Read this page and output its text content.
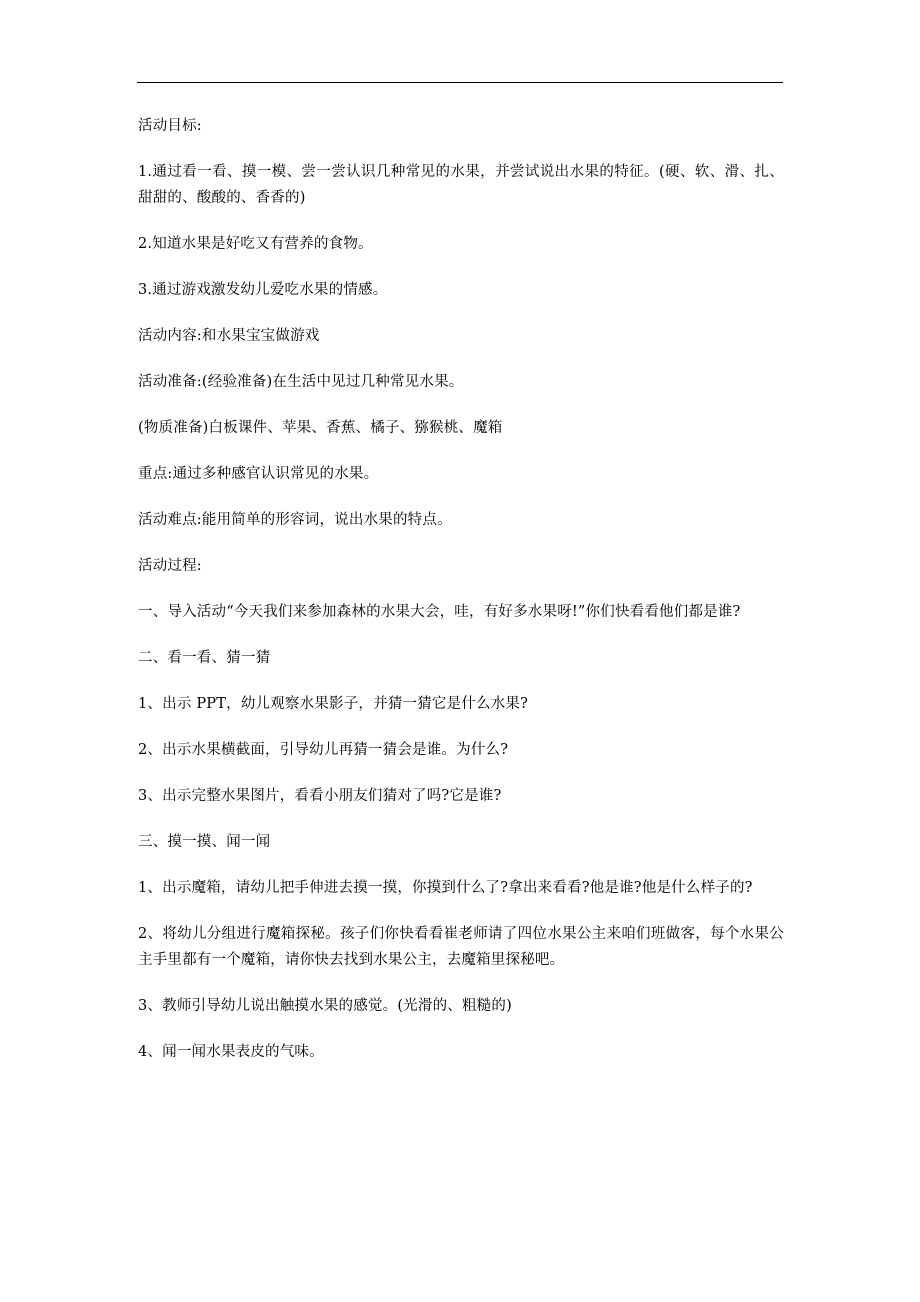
活动目标:

1.通过看一看、摸一模、尝一尝认识几种常见的水果，并尝试说出水果的特征。(硬、软、滑、扎、甜甜的、酸酸的、香香的)

2.知道水果是好吃又有营养的食物。

3.通过游戏激发幼儿爱吃水果的情感。

活动内容:和水果宝宝做游戏

活动准备:(经验准备)在生活中见过几种常见水果。

(物质准备)白板课件、苹果、香蕉、橘子、猕猴桃、魔箱

重点:通过多种感官认识常见的水果。

活动难点:能用简单的形容词，说出水果的特点。

活动过程:

一、导入活动“今天我们来参加森林的水果大会，哇，有好多水果呀!”你们快看看他们都是谁?

二、看一看、猜一猜

1、出示 PPT，幼儿观察水果影子，并猜一猜它是什么水果?

2、出示水果横截面，引导幼儿再猜一猜会是谁。为什么?

3、出示完整水果图片，看看小朋友们猜对了吗?它是谁?

三、摸一摸、闻一闻

1、出示魔箱，请幼儿把手伸进去摸一摸，你摸到什么了?拿出来看看?他是谁?他是什么样子的?

2、将幼儿分组进行魔箱探秘。孩子们你快看看崔老师请了四位水果公主来咱们班做客，每个水果公主手里都有一个魔箱，请你快去找到水果公主，去魔箱里探秘吧。

3、教师引导幼儿说出触摸水果的感觉。(光滑的、粗糙的)

4、闻一闻水果表皮的气味。
